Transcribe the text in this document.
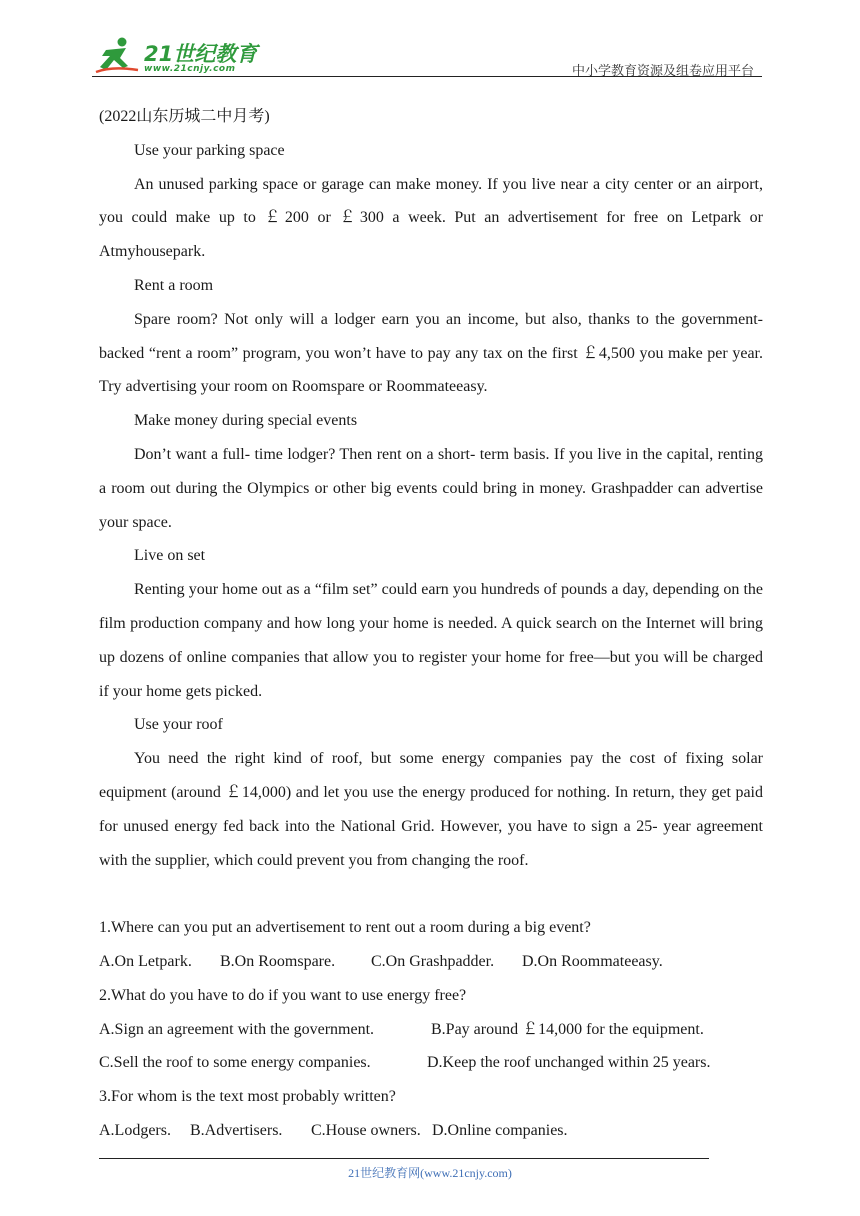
21世纪教育
www.21cnjy.com	中小学教育资源及组卷应用平台

(2022山东历城二中月考)

Use your parking space

An unused parking space or garage can make money. If you live near a city center or an airport, you could make up to ￡200 or ￡300 a week. Put an advertisement for free on Letpark or Atmyhousepark.

Rent a room

Spare room? Not only will a lodger earn you an income, but also, thanks to the government- backed “rent a room” program, you won’t have to pay any tax on the first ￡4,500 you make per year. Try advertising your room on Roomspare or Roommateeasy.

Make money during special events

Don’t want a full- time lodger? Then rent on a short- term basis. If you live in the capital, renting a room out during the Olympics or other big events could bring in money. Grashpadder can advertise your space.

Live on set

Renting your home out as a “film set” could earn you hundreds of pounds a day, depending on the film production company and how long your home is needed. A quick search on the Internet will bring up dozens of online companies that allow you to register your home for free—but you will be charged if your home gets picked.

Use your roof

You need the right kind of roof, but some energy companies pay the cost of fixing solar equipment (around ￡14,000) and let you use the energy produced for nothing. In return, they get paid for unused energy fed back into the National Grid. However, you have to sign a 25- year agreement with the supplier, which could prevent you from changing the roof.

1.Where can you put an advertisement to rent out a room during a big event?

A.On Letpark. B.On Roomspare. C.On Grashpadder. D.On Roommateeasy.

2.What do you have to do if you want to use energy free?

A.Sign an agreement with the government.	B.Pay around ￡14,000 for the equipment.

C.Sell the roof to some energy companies.	D.Keep the roof unchanged within 25 years.

3.For whom is the text most probably written?

A.Lodgers. B.Advertisers. C.House owners. D.Online companies.

21世纪教育网(www.21cnjy.com)
